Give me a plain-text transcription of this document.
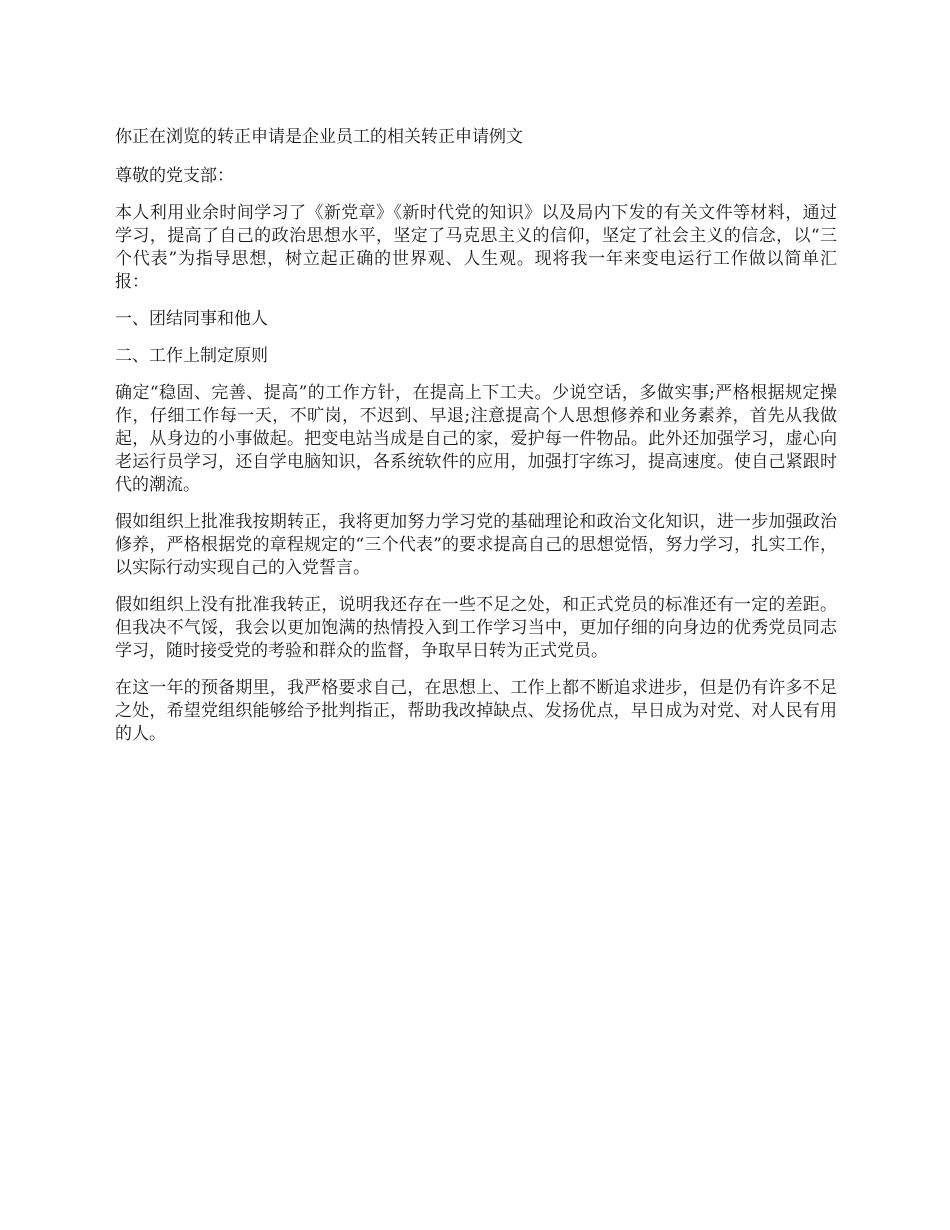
你正在浏览的转正申请是企业员工的相关转正申请例文

尊敬的党支部：

本人利用业余时间学习了《新党章》《新时代党的知识》以及局内下发的有关文件等材料，通过学习，提高了自己的政治思想水平，坚定了马克思主义的信仰，坚定了社会主义的信念，以“三个代表”为指导思想，树立起正确的世界观、人生观。现将我一年来变电运行工作做以简单汇报：

一、团结同事和他人

二、工作上制定原则

确定“稳固、完善、提高”的工作方针，在提高上下工夫。少说空话，多做实事;严格根据规定操作，仔细工作每一天，不旷岗，不迟到、早退;注意提高个人思想修养和业务素养，首先从我做起，从身边的小事做起。把变电站当成是自己的家，爱护每一件物品。此外还加强学习，虚心向老运行员学习，还自学电脑知识，各系统软件的应用，加强打字练习，提高速度。使自己紧跟时代的潮流。

假如组织上批准我按期转正，我将更加努力学习党的基础理论和政治文化知识，进一步加强政治修养，严格根据党的章程规定的“三个代表”的要求提高自己的思想觉悟，努力学习，扎实工作，以实际行动实现自己的入党誓言。

假如组织上没有批准我转正，说明我还存在一些不足之处，和正式党员的标准还有一定的差距。但我决不气馁，我会以更加饱满的热情投入到工作学习当中，更加仔细的向身边的优秀党员同志学习，随时接受党的考验和群众的监督，争取早日转为正式党员。

在这一年的预备期里，我严格要求自己，在思想上、工作上都不断追求进步，但是仍有许多不足之处，希望党组织能够给予批判指正，帮助我改掉缺点、发扬优点，早日成为对党、对人民有用的人。
